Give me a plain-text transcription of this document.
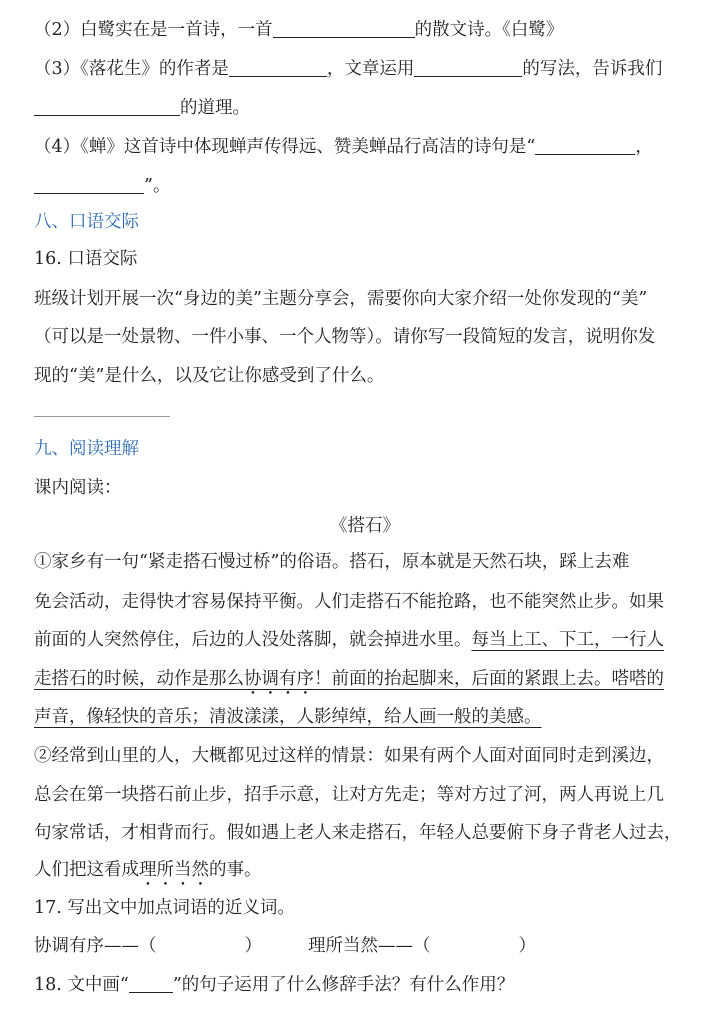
（2）白鹭实在是一首诗，一首	的散文诗。《白鹭》
（3）《落花生》的作者是	，文章运用	的写法，告诉我们
的道理。
（4）《蝉》这首诗中体现蝉声传得远、赞美蝉品行高洁的诗句是“	，
”。
八、口语交际
16. 口语交际
班级计划开展一次“身边的美”主题分享会，需要你向大家介绍一处你发现的“美”
（可以是一处景物、一件小事、一个人物等）。请你写一段简短的发言，说明你发
现的“美”是什么，以及它让你感受到了什么。
九、阅读理解
课内阅读：
《搭石》
①家乡有一句“紧走搭石慢过桥”的俗语。搭石，原本就是天然石块，踩上去难
免会活动，走得快才容易保持平衡。人们走搭石不能抢路，也不能突然止步。如果
前面的人突然停住，后边的人没处落脚，就会掉进水里。每当上工、下工，一行人
走搭石的时候，动作是那么协调有序！前面的抬起脚来，后面的紧跟上去。嗒嗒的
声音，像轻快的音乐；清波漾漾，人影绰绰，给人画一般的美感。
②经常到山里的人，大概都见过这样的情景：如果有两个人面对面同时走到溪边，
总会在第一块搭石前止步，招手示意，让对方先走；等对方过了河，两人再说上几
句家常话，才相背而行。假如遇上老人来走搭石，年轻人总要俯下身子背老人过去，
人们把这看成理所当然的事。
17. 写出文中加点词语的近义词。
协调有序——（	）	理所当然——（	）
18. 文中画“	”的句子运用了什么修辞手法？有什么作用？
